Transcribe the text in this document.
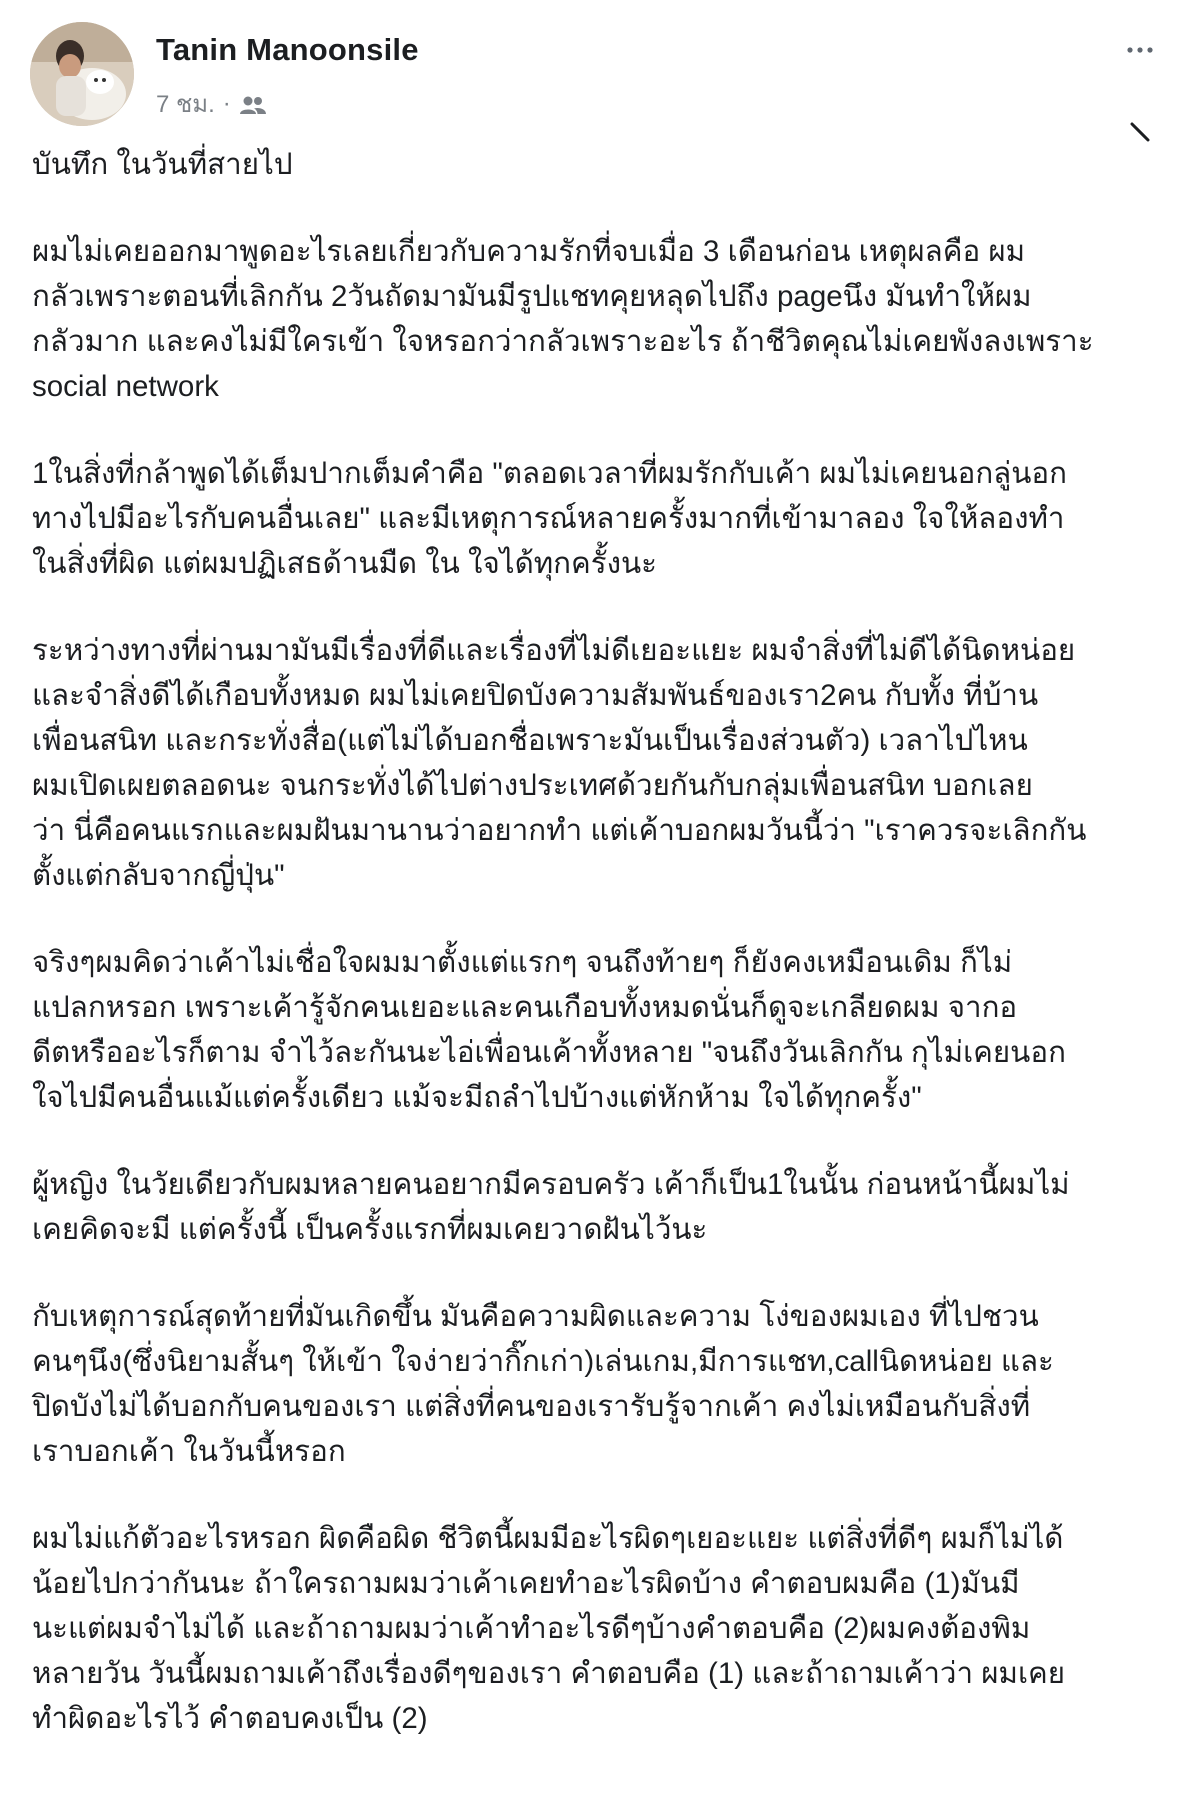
Tanin Manoonsile
7 ชม. ·

บันทึก ในวันที่สายไป

ผมไม่เคยออกมาพูดอะไรเลยเกี่ยวกับความรักที่จบเมื่อ 3 เดือนก่อน เหตุผลคือ ผม
กลัวเพราะตอนที่เลิกกัน 2วันถัดมามันมีรูปแชทคุยหลุดไปถึง pageนึง มันทำให้ผม
กลัวมาก และคงไม่มีใครเข้า ใจหรอกว่ากลัวเพราะอะไร ถ้าชีวิตคุณไม่เคยพังลงเพราะ
social network

1ในสิ่งที่กล้าพูดได้เต็มปากเต็มคำคือ "ตลอดเวลาที่ผมรักกับเค้า ผมไม่เคยนอกลู่นอก
ทางไปมีอะไรกับคนอื่นเลย" และมีเหตุการณ์หลายครั้งมากที่เข้ามาลอง ใจให้ลองทำ
ในสิ่งที่ผิด แต่ผมปฏิเสธด้านมืด ใน ใจได้ทุกครั้งนะ

ระหว่างทางที่ผ่านมามันมีเรื่องที่ดีและเรื่องที่ไม่ดีเยอะแยะ ผมจำสิ่งที่ไม่ดีได้นิดหน่อย
และจำสิ่งดีได้เกือบทั้งหมด ผมไม่เคยปิดบังความสัมพันธ์ของเรา2คน กับทั้ง ที่บ้าน
เพื่อนสนิท และกระทั่งสื่อ(แต่ไม่ได้บอกชื่อเพราะมันเป็นเรื่องส่วนตัว) เวลาไปไหน
ผมเปิดเผยตลอดนะ จนกระทั่งได้ไปต่างประเทศด้วยกันกับกลุ่มเพื่อนสนิท บอกเลย
ว่า นี่คือคนแรกและผมฝันมานานว่าอยากทำ แต่เค้าบอกผมวันนี้ว่า "เราควรจะเลิกกัน
ตั้งแต่กลับจากญี่ปุ่น"

จริงๆผมคิดว่าเค้าไม่เชื่อใจผมมาตั้งแต่แรกๆ จนถึงท้ายๆ ก็ยังคงเหมือนเดิม ก็ไม่
แปลกหรอก เพราะเค้ารู้จักคนเยอะและคนเกือบทั้งหมดนั่นก็ดูจะเกลียดผม จากอ
ดีตหรืออะไรก็ตาม จำไว้ละกันนะไอ่เพื่อนเค้าทั้งหลาย "จนถึงวันเลิกกัน กุไม่เคยนอก
ใจไปมีคนอื่นแม้แต่ครั้งเดียว แม้จะมีถลำไปบ้างแต่หักห้าม ใจได้ทุกครั้ง"

ผู้หญิง ในวัยเดียวกับผมหลายคนอยากมีครอบครัว เค้าก็เป็น1ในนั้น ก่อนหน้านี้ผมไม่
เคยคิดจะมี แต่ครั้งนี้ เป็นครั้งแรกที่ผมเคยวาดฝันไว้นะ

กับเหตุการณ์สุดท้ายที่มันเกิดขึ้น มันคือความผิดและความ โง่ของผมเอง ที่ไปชวน
คนๆนึง(ซึ่งนิยามสั้นๆ ให้เข้า ใจง่ายว่ากิ๊กเก่า)เล่นเกม,มีการแชท,callนิดหน่อย และ
ปิดบังไม่ได้บอกกับคนของเรา แต่สิ่งที่คนของเรารับรู้จากเค้า คงไม่เหมือนกับสิ่งที่
เราบอกเค้า ในวันนี้หรอก

ผมไม่แก้ตัวอะไรหรอก ผิดคือผิด ชีวิตนี้ผมมีอะไรผิดๆเยอะแยะ แต่สิ่งที่ดีๆ ผมก็ไม่ได้
น้อยไปกว่ากันนะ ถ้าใครถามผมว่าเค้าเคยทำอะไรผิดบ้าง คำตอบผมคือ (1)มันมี
นะแต่ผมจำไม่ได้ และถ้าถามผมว่าเค้าทำอะไรดีๆบ้างคำตอบคือ (2)ผมคงต้องพิม
หลายวัน วันนี้ผมถามเค้าถึงเรื่องดีๆของเรา คำตอบคือ (1) และถ้าถามเค้าว่า ผมเคย
ทำผิดอะไรไว้ คำตอบคงเป็น (2)
